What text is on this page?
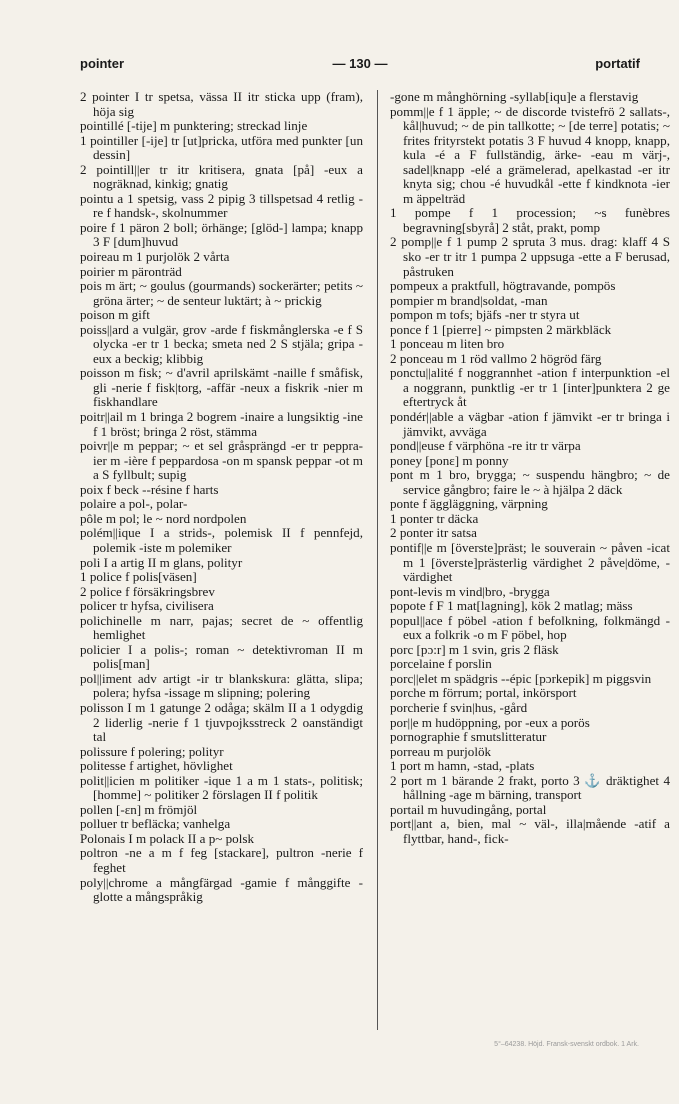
pointer	— 130 —	portatif

2 pointer I tr spetsa, vässa II itr sticka upp (fram), höja sig

pointillé [-tije] m punktering; streckad linje

1 pointiller [-ije] tr [ut]pricka, utföra med punkter [un dessin]

2 pointill||er tr itr kritisera, gnata [på] -eux a nogräknad, kinkig; gnatig

pointu a 1 spetsig, vass 2 pipig 3 tillspetsad 4 retlig -re f handsk-, skolnummer

poire f 1 päron 2 boll; örhänge; [glöd-] lampa; knapp 3 F [dum]huvud

poireau m 1 purjolök 2 vårta

poirier m päronträd

pois m ärt; ~ goulus (gourmands) sockerärter; petits ~ gröna ärter; ~ de senteur luktärt; à ~ prickig

poison m gift

poiss||ard a vulgär, grov -arde f fiskmånglerska -e f S olycka -er tr 1 becka; smeta ned 2 S stjäla; gripa -eux a beckig; klibbig

poisson m fisk; ~ d'avril aprilskämt -naille f småfisk, gli -nerie f fisk|torg, -affär -neux a fiskrik -nier m fiskhandlare

poitr||ail m 1 bringa 2 bogrem -inaire a lungsiktig -ine f 1 bröst; bringa 2 röst, stämma

poivr||e m peppar; ~ et sel gråsprängd -er tr peppra-ier m -ière f peppardosa -on m spansk peppar -ot m a S fyllbult; supig

poix f beck --résine f harts

polaire a pol-, polar-

pôle m pol; le ~ nord nordpolen

polém||ique I a strids-, polemisk II f pennfejd, polemik -iste m polemiker

poli I a artig II m glans, polityr

1 police f polis[väsen]

2 police f försäkringsbrev

policer tr hyfsa, civilisera

polichinelle m narr, pajas; secret de ~ offentlig hemlighet

policier I a polis-; roman ~ detektivroman II m polis[man]

pol||iment adv artigt -ir tr blankskura: glätta, slipa; polera; hyfsa -issage m slipning; polering

polisson I m 1 gatunge 2 odåga; skälm II a 1 odygdig 2 liderlig -nerie f 1 tjuvpojksstreck 2 oanständigt tal

polissure f polering; polityr

politesse f artighet, hövlighet

polit||icien m politiker -ique 1 a m 1 stats-, politisk; [homme] ~ politiker 2 förslagen II f politik

pollen [-ɛn] m frömjöl

polluer tr befläcka; vanhelga

Polonais I m polack II a p~ polsk

poltron -ne a m f feg [stackare], pultron -nerie f feghet

poly||chrome a mångfärgad -gamie f månggifte -glotte a mångspråkig

-gone m månghörning -syllab[iqu]e a flerstavig

pomm||e f 1 äpple; ~ de discorde tvistefrö 2 sallats-, kål|huvud; ~ de pin tallkotte; ~ [de terre] potatis; ~ frites frityrstekt potatis 3 F huvud 4 knopp, knapp, kula -é a F fullständig, ärke- -eau m värj-, sadel|knapp -elé a grämelerad, apelkastad -er itr knyta sig; chou -é huvudkål -ette f kindknota -ier m äppelträd

1 pompe f 1 procession; ~s funèbres begravning[sbyrå] 2 ståt, prakt, pomp

2 pomp||e f 1 pump 2 spruta 3 mus. drag: klaff 4 S sko -er tr itr 1 pumpa 2 uppsuga -ette a F berusad, påstruken

pompeux a praktfull, högtravande, pompös

pompier m brand|soldat, -man

pompon m tofs; bjäfs -ner tr styra ut

ponce f 1 [pierre] ~ pimpsten 2 märkbläck

1 ponceau m liten bro

2 ponceau m 1 röd vallmo 2 högröd färg

ponctu||alité f noggrannhet -ation f interpunktion -el a noggrann, punktlig -er tr 1 [inter]punktera 2 ge eftertryck åt

pondér||able a vägbar -ation f jämvikt -er tr bringa i jämvikt, avväga

pond||euse f värphöna -re itr tr värpa

poney [ponɛ] m ponny

pont m 1 bro, brygga; ~ suspendu hängbro; ~ de service gångbro; faire le ~ à hjälpa 2 däck

ponte f äggläggning, värpning

1 ponter tr däcka

2 ponter itr satsa

pontif||e m [överste]präst; le souverain ~ påven -icat m 1 [överste]prästerlig värdighet 2 påve|döme, -värdighet

pont-levis m vind|bro, -brygga

popote f F 1 mat[lagning], kök 2 matlag; mäss

popul||ace f pöbel -ation f befolkning, folkmängd -eux a folkrik -o m F pöbel, hop

porc [pɔ:r] m 1 svin, gris 2 fläsk

porcelaine f porslin

porc||elet m spädgris --épic [pɔrkepik] m piggsvin

porche m förrum; portal, inkörsport

porcherie f svin|hus, -gård

por||e m hudöppning, por -eux a porös

pornographie f smutslitteratur

porreau m purjolök

1 port m hamn, -stad, -plats

2 port m 1 bärande 2 frakt, porto 3 ⚓ dräktighet 4 hållning -age m bärning, transport

portail m huvudingång, portal

port||ant a, bien, mal ~ väl-, illa|mående -atif a flyttbar, hand-, fick-

5°–64238. Höjd. Fransk-svenskt ordbok. 1 Ark.
